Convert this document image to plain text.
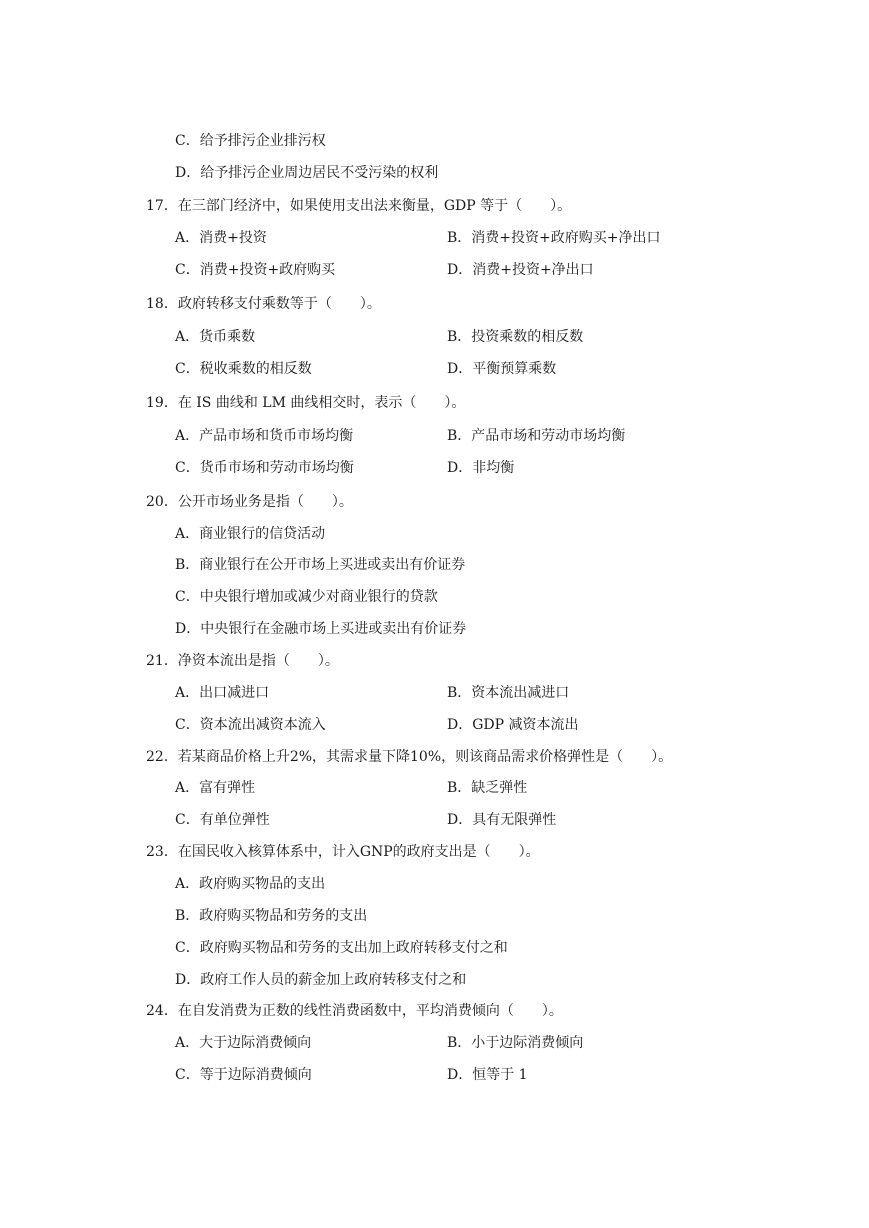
C．给予排污企业排污权
D．给予排污企业周边居民不受污染的权利
17．在三部门经济中，如果使用支出法来衡量，GDP 等于（　　）。
A．消费+投资	B．消费+投资+政府购买+净出口
C．消费+投资+政府购买	D．消费+投资+净出口
18．政府转移支付乘数等于（　　）。
A．货币乘数	B．投资乘数的相反数
C．税收乘数的相反数	D．平衡预算乘数
19．在 IS 曲线和 LM 曲线相交时，表示（　　）。
A．产品市场和货币市场均衡	B．产品市场和劳动市场均衡
C．货币市场和劳动市场均衡	D．非均衡
20．公开市场业务是指（　　）。
A．商业银行的信贷活动
B．商业银行在公开市场上买进或卖出有价证券
C．中央银行增加或减少对商业银行的贷款
D．中央银行在金融市场上买进或卖出有价证券
21．净资本流出是指（　　）。
A．出口减进口	B．资本流出减进口
C．资本流出减资本流入	D．GDP 减资本流出
22．若某商品价格上升2%，其需求量下降10%，则该商品需求价格弹性是（　　）。
A．富有弹性	B．缺乏弹性
C．有单位弹性	D．具有无限弹性
23．在国民收入核算体系中，计入GNP的政府支出是（　　）。
A．政府购买物品的支出
B．政府购买物品和劳务的支出
C．政府购买物品和劳务的支出加上政府转移支付之和
D．政府工作人员的薪金加上政府转移支付之和
24．在自发消费为正数的线性消费函数中，平均消费倾向（　　）。
A．大于边际消费倾向	B．小于边际消费倾向
C．等于边际消费倾向	D．恒等于 1
